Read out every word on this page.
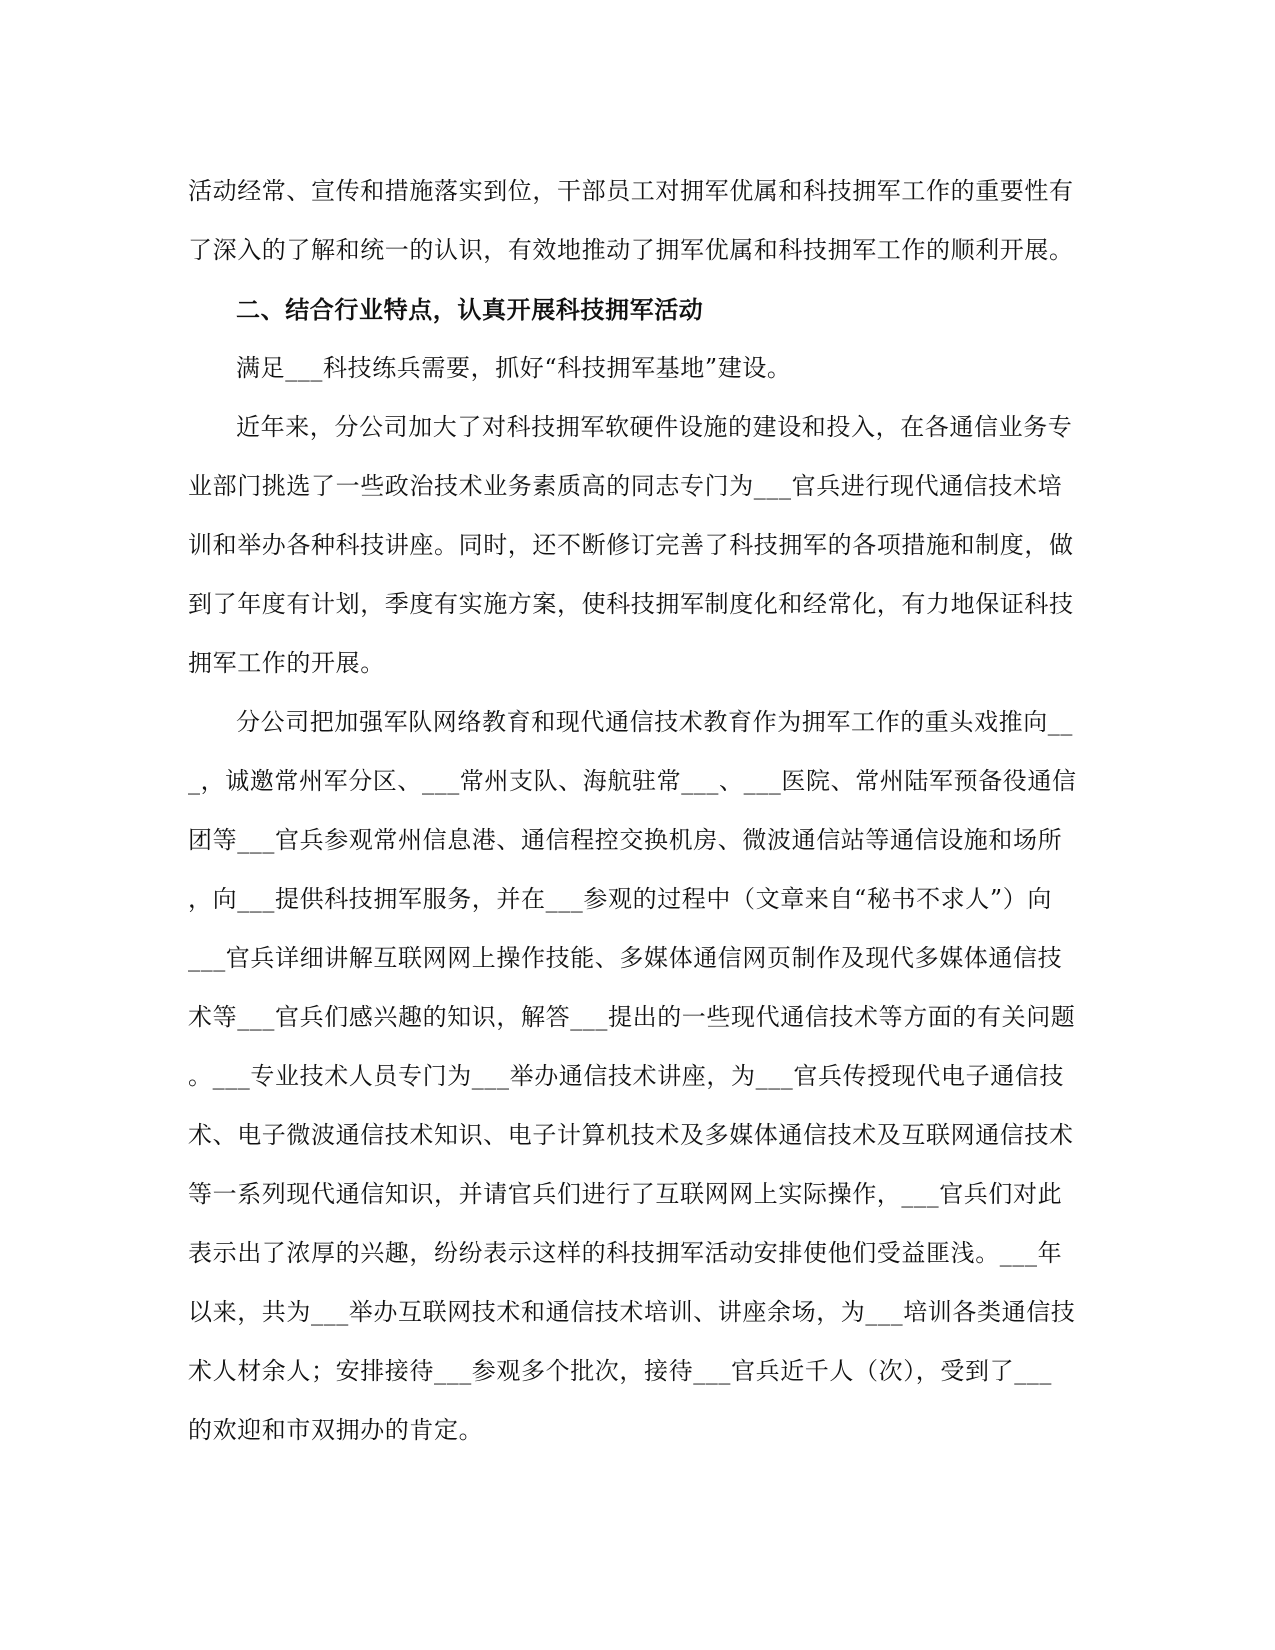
活动经常、宣传和措施落实到位，干部员工对拥军优属和科技拥军工作的重要性有
了深入的了解和统一的认识，有效地推动了拥军优属和科技拥军工作的顺利开展。
二、结合行业特点，认真开展科技拥军活动
满足___科技练兵需要，抓好“科技拥军基地”建设。
近年来，分公司加大了对科技拥军软硬件设施的建设和投入，在各通信业务专
业部门挑选了一些政治技术业务素质高的同志专门为___官兵进行现代通信技术培
训和举办各种科技讲座。同时，还不断修订完善了科技拥军的各项措施和制度，做
到了年度有计划，季度有实施方案，使科技拥军制度化和经常化，有力地保证科技
拥军工作的开展。
分公司把加强军队网络教育和现代通信技术教育作为拥军工作的重头戏推向__
_，诚邀常州军分区、___常州支队、海航驻常___、___医院、常州陆军预备役通信
团等___官兵参观常州信息港、通信程控交换机房、微波通信站等通信设施和场所
，向___提供科技拥军服务，并在___参观的过程中（文章来自“秘书不求人”）向
___官兵详细讲解互联网网上操作技能、多媒体通信网页制作及现代多媒体通信技
术等___官兵们感兴趣的知识，解答___提出的一些现代通信技术等方面的有关问题
。___专业技术人员专门为___举办通信技术讲座，为___官兵传授现代电子通信技
术、电子微波通信技术知识、电子计算机技术及多媒体通信技术及互联网通信技术
等一系列现代通信知识，并请官兵们进行了互联网网上实际操作，___官兵们对此
表示出了浓厚的兴趣，纷纷表示这样的科技拥军活动安排使他们受益匪浅。___年
以来，共为___举办互联网技术和通信技术培训、讲座余场，为___培训各类通信技
术人材余人；安排接待___参观多个批次，接待___官兵近千人（次），受到了___
的欢迎和市双拥办的肯定。
